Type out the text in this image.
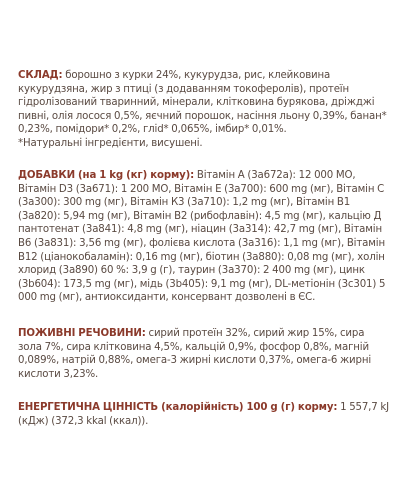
СКЛАД: борошно з курки 24%, кукурудза, рис, клейковина кукурудзяна, жир з птиці (з додаванням токоферолів), протеїн гідролізований тваринний, мінерали, клітковина бурякова, дріжджі пивні, олія лосося 0,5%, яєчний порошок, насіння льону 0,39%, банан* 0,23%, помідори* 0,2%, гліd* 0,065%, імбир* 0,01%.
*Натуральні інгредієнти, висушені.
ДОБАВКИ (на 1 kg (кг) корму): Вітамін A (3a672a): 12 000 MO, Вітамін D3 (3a671): 1 200 MO, Вітамін E (3a700): 600 mg (мг), Вітамін C (3a300): 300 mg (мг), Вітамін К3 (3a710): 1,2 mg (мг), Вітамін B1 (3a820): 5,94 mg (мг), Вітамін B2 (рибофлавін): 4,5 mg (мг), кальцію Д пантотенат (3a841): 4,8 mg (мг), ніацин (3a314): 42,7 mg (мг), Вітамін B6 (3a831): 3,56 mg (мг), фолієва кислота (3a316): 1,1 mg (мг), Вітамін B12 (ціанокобаламін): 0,16 mg (мг), біотин (3a880): 0,08 mg (мг), холін хлорид (3a890) 60 %: 3,9 g (г), таурин (3a370): 2 400 mg (мг), цинк (3b604): 173,5 mg (мг), мідь (3b405): 9,1 mg (мг), DL-метіонін (3c301) 5 000 mg (мг), антиоксиданти, консервант дозволені в ЄС.
ПОЖИВНІ РЕЧОВИНИ: сирий протеїн 32%, сирий жир 15%, сира зола 7%, сира клітковина 4,5%, кальцій 0,9%, фосфор 0,8%, магній 0,089%, натрій 0,88%, омега-3 жирні кислоти 0,37%, омега-6 жирні кислоти 3,23%.
ЕНЕРГЕТИЧНА ЦІННІСТЬ (калорійність) 100 g (г) корму: 1 557,7 kJ (кДж) (372,3 kkal (ккал)).
